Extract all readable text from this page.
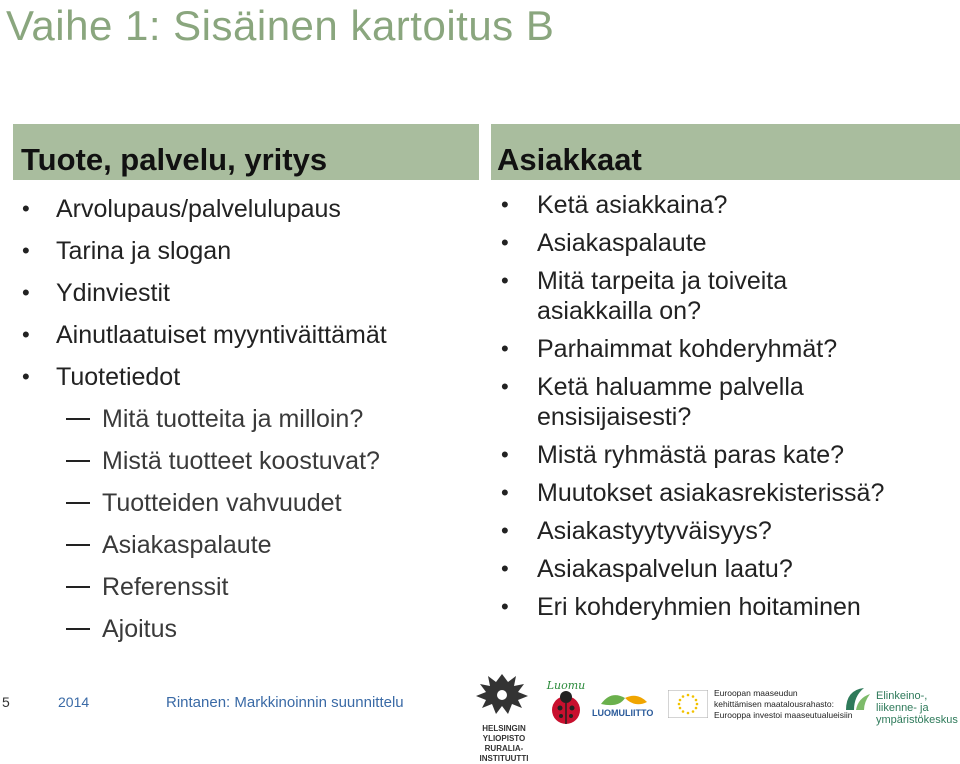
Vaihe 1: Sisäinen kartoitus B
Tuote, palvelu, yritys	Asiakkaat
• Arvolupaus/palvelulupaus
• Tarina ja slogan
• Ydinviestit
• Ainutlaatuiset myyntiväittämät
• Tuotetiedot
Mitä tuotteita ja milloin?
Mistä tuotteet koostuvat?
Tuotteiden vahvuudet
Asiakaspalaute
Referenssit
Ajoitus
• Ketä asiakkaina?
• Asiakaspalaute
• Mitä tarpeita ja toiveita
asiakkailla on?
• Parhaimmat kohderyhmät?
• Ketä haluamme palvella
ensisijaisesti?
• Mistä ryhmästä paras kate?
• Muutokset asiakasrekisterissä?
• Asiakastyytyväisyys?
• Asiakaspalvelun laatu?
• Eri kohderyhmien hoitaminen
5	2014	Rintanen: Markkinoinnin suunnittelu
HELSINGIN YLIOPISTO
RURALIA-INSTITUUTTI
Luomu
LUOMULIITTO
Euroopan maaseudun
kehittämisen maatalousrahasto:
Eurooppa investoi maaseutualueisiin
Elinkeino-, liikenne- ja
ympäristökeskus
